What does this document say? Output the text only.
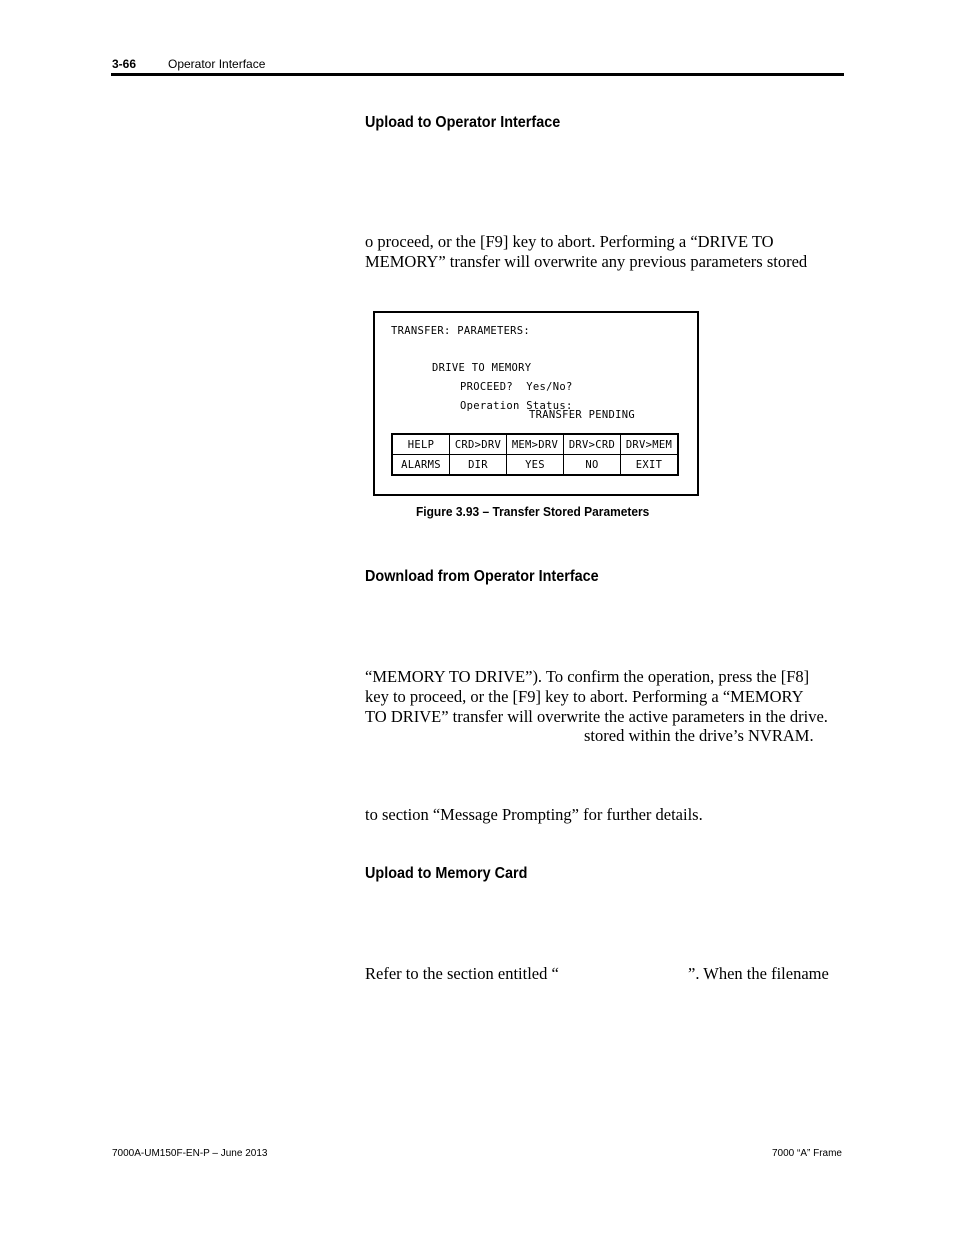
3-66	Operator Interface
Upload to Operator Interface
o proceed, or the [F9] key to abort. Performing a “DRIVE TO
MEMORY” transfer will overwrite any previous parameters stored
TRANSFER: PARAMETERS:
DRIVE TO MEMORY
PROCEED?  Yes/No?
Operation Status:
TRANSFER PENDING
HELP	CRD>DRV	MEM>DRV	DRV>CRD	DRV>MEM
ALARMS	DIR	YES	NO	EXIT
Figure 3.93 – Transfer Stored Parameters
Download from Operator Interface
“MEMORY TO DRIVE”). To confirm the operation, press the [F8]
key to proceed, or the [F9] key to abort. Performing a “MEMORY
TO DRIVE” transfer will overwrite the active parameters in the drive.
stored within the drive’s NVRAM.
to section “Message Prompting” for further details.
Upload to Memory Card
Refer to the section entitled “	”. When the filename
7000A-UM150F-EN-P – June 2013	7000 “A” Frame
